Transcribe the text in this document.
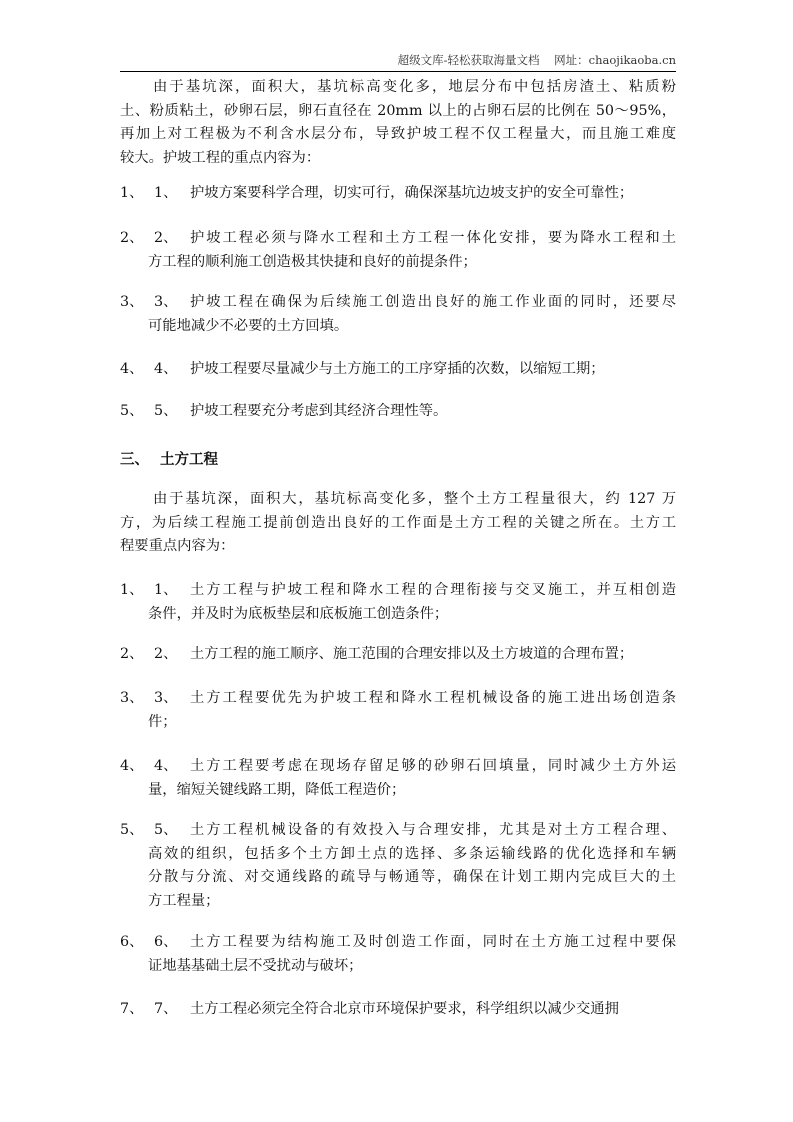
超级文库-轻松获取海量文档 网址：chaojikaoba.cn
三、 土方工程
由于基坑深，面积大，基坑标高变化多，地层分布中包括房渣土、粘质粉
土、粉质粘土，砂卵石层，卵石直径在 20mm 以上的占卵石层的比例在 50～95%，
再加上对工程极为不利含水层分布，导致护坡工程不仅工程量大，而且施工难度
较大。护坡工程的重点内容为：
1、 1、 护坡方案要科学合理，切实可行，确保深基坑边坡支护的安全可靠性；
2、 2、 护坡工程必须与降水工程和土方工程一体化安排，要为降水工程和土
方工程的顺利施工创造极其快捷和良好的前提条件；
3、 3、 护坡工程在确保为后续施工创造出良好的施工作业面的同时，还要尽
可能地减少不必要的土方回填。
4、 4、 护坡工程要尽量减少与土方施工的工序穿插的次数，以缩短工期；
5、 5、 护坡工程要充分考虑到其经济合理性等。
由于基坑深，面积大，基坑标高变化多，整个土方工程量很大，约 127 万
方，为后续工程施工提前创造出良好的工作面是土方工程的关键之所在。土方工
程要重点内容为：
1、 1、 土方工程与护坡工程和降水工程的合理衔接与交叉施工，并互相创造
条件，并及时为底板垫层和底板施工创造条件；
2、 2、 土方工程的施工顺序、施工范围的合理安排以及土方坡道的合理布置；
3、 3、 土方工程要优先为护坡工程和降水工程机械设备的施工进出场创造条
件；
4、 4、 土方工程要考虑在现场存留足够的砂卵石回填量，同时减少土方外运
量，缩短关键线路工期，降低工程造价；
5、 5、 土方工程机械设备的有效投入与合理安排，尤其是对土方工程合理、
高效的组织，包括多个土方卸土点的选择、多条运输线路的优化选择和车辆
分散与分流、对交通线路的疏导与畅通等，确保在计划工期内完成巨大的土
方工程量；
6、 6、 土方工程要为结构施工及时创造工作面，同时在土方施工过程中要保
证地基基础土层不受扰动与破坏；
7、 7、 土方工程必须完全符合北京市环境保护要求，科学组织以减少交通拥
